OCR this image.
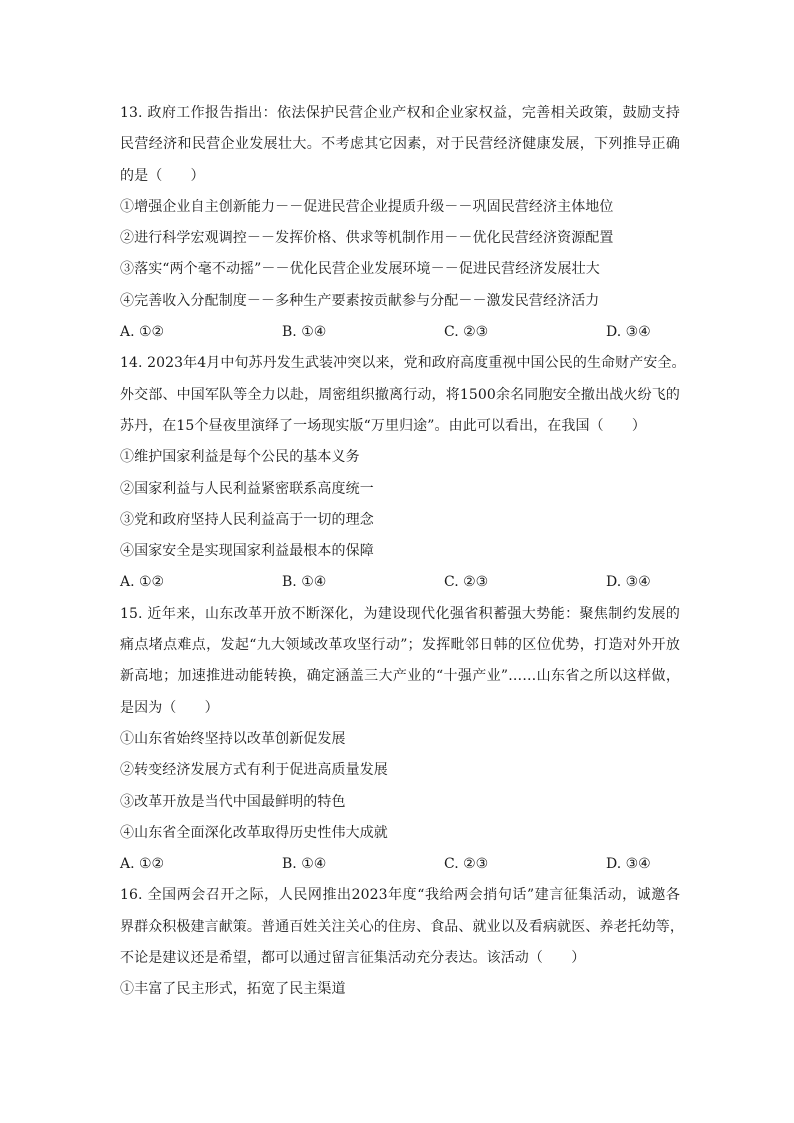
13. 政府工作报告指出：依法保护民营企业产权和企业家权益，完善相关政策，鼓励支持
民营经济和民营企业发展壮大。不考虑其它因素，对于民营经济健康发展，下列推导正确
的是（　　）
①增强企业自主创新能力－－促进民营企业提质升级－－巩固民营经济主体地位
②进行科学宏观调控－－发挥价格、供求等机制作用－－优化民营经济资源配置
③落实“两个毫不动摇”－－优化民营企业发展环境－－促进民营经济发展壮大
④完善收入分配制度－－多种生产要素按贡献参与分配－－激发民营经济活力
A. ①②	B. ①④	C. ②③	D. ③④
14. 2023年4月中旬苏丹发生武装冲突以来，党和政府高度重视中国公民的生命财产安全。
外交部、中国军队等全力以赴，周密组织撤离行动，将1500余名同胞安全撤出战火纷飞的
苏丹，在15个昼夜里演绎了一场现实版“万里归途”。由此可以看出，在我国（　　）
①维护国家利益是每个公民的基本义务
②国家利益与人民利益紧密联系高度统一
③党和政府坚持人民利益高于一切的理念
④国家安全是实现国家利益最根本的保障
A. ①②	B. ①④	C. ②③	D. ③④
15. 近年来，山东改革开放不断深化，为建设现代化强省积蓄强大势能：聚焦制约发展的
痛点堵点难点，发起“九大领域改革攻坚行动”；发挥毗邻日韩的区位优势，打造对外开放
新高地；加速推进动能转换，确定涵盖三大产业的“十强产业”……山东省之所以这样做，
是因为（　　）
①山东省始终坚持以改革创新促发展
②转变经济发展方式有利于促进高质量发展
③改革开放是当代中国最鲜明的特色
④山东省全面深化改革取得历史性伟大成就
A. ①②	B. ①④	C. ②③	D. ③④
16. 全国两会召开之际，人民网推出2023年度“我给两会捎句话”建言征集活动，诚邀各
界群众积极建言献策。普通百姓关注关心的住房、食品、就业以及看病就医、养老托幼等，
不论是建议还是希望，都可以通过留言征集活动充分表达。该活动（　　）
①丰富了民主形式，拓宽了民主渠道
